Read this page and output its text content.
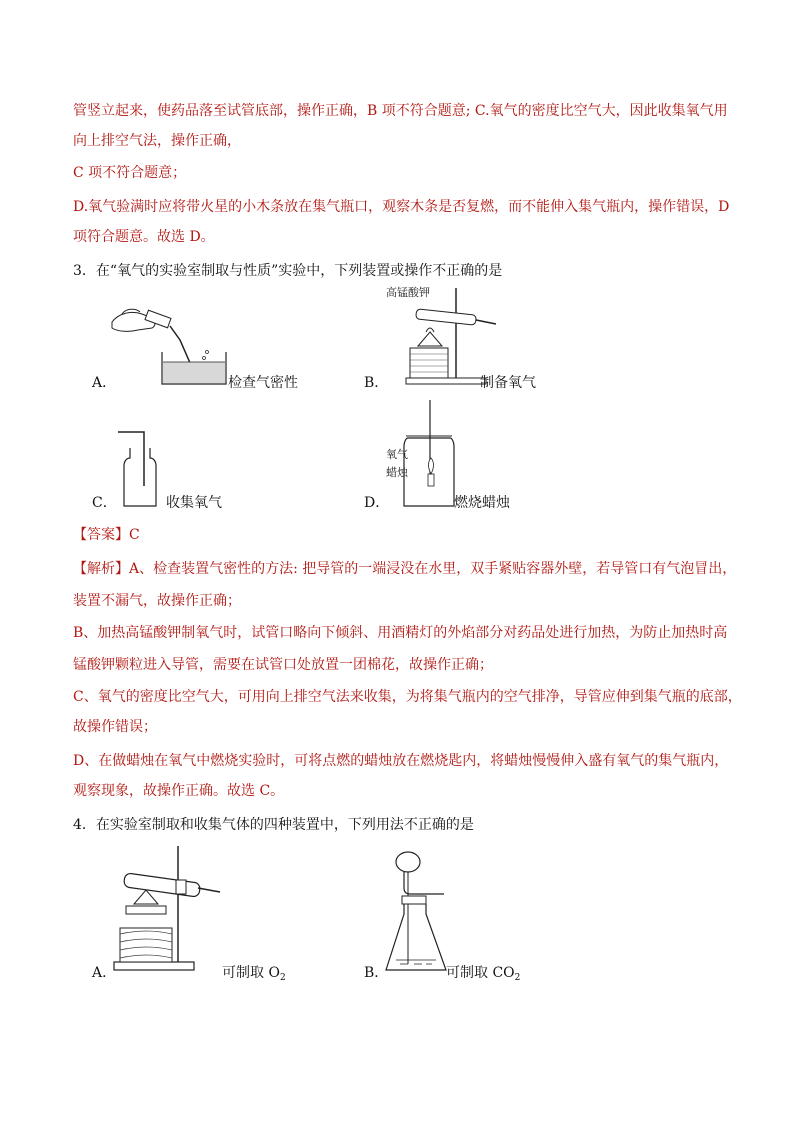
管竖立起来，使药品落至试管底部，操作正确，B 项不符合题意; C.氧气的密度比空气大，因此收集氧气用
向上排空气法，操作正确，
C 项不符合题意；
D.氧气验满时应将带火星的小木条放在集气瓶口，观察木条是否复燃，而不能伸入集气瓶内，操作错误，D
项符合题意。故选 D。
3．在“氧气的实验室制取与性质”实验中，下列装置或操作不正确的是
A．	检查气密性
高锰酸钾
B．	制备氧气
C．	收集氧气
氧气
蜡烛
D．	燃烧蜡烛
【答案】C
【解析】A、检查装置气密性的方法: 把导管的一端浸没在水里，双手紧贴容器外壁，若导管口有气泡冒出，
装置不漏气，故操作正确；
B、加热高锰酸钾制氧气时，试管口略向下倾斜、用酒精灯的外焰部分对药品处进行加热，为防止加热时高
锰酸钾颗粒进入导管，需要在试管口处放置一团棉花，故操作正确；
C、氧气的密度比空气大，可用向上排空气法来收集，为将集气瓶内的空气排净，导管应伸到集气瓶的底部，
故操作错误；
D、在做蜡烛在氧气中燃烧实验时，可将点燃的蜡烛放在燃烧匙内，将蜡烛慢慢伸入盛有氧气的集气瓶内，
观察现象，故操作正确。故选 C。
4．在实验室制取和收集气体的四种装置中，下列用法不正确的是
A．	可制取 $O_2$	B．	可制取 $CO_2$
